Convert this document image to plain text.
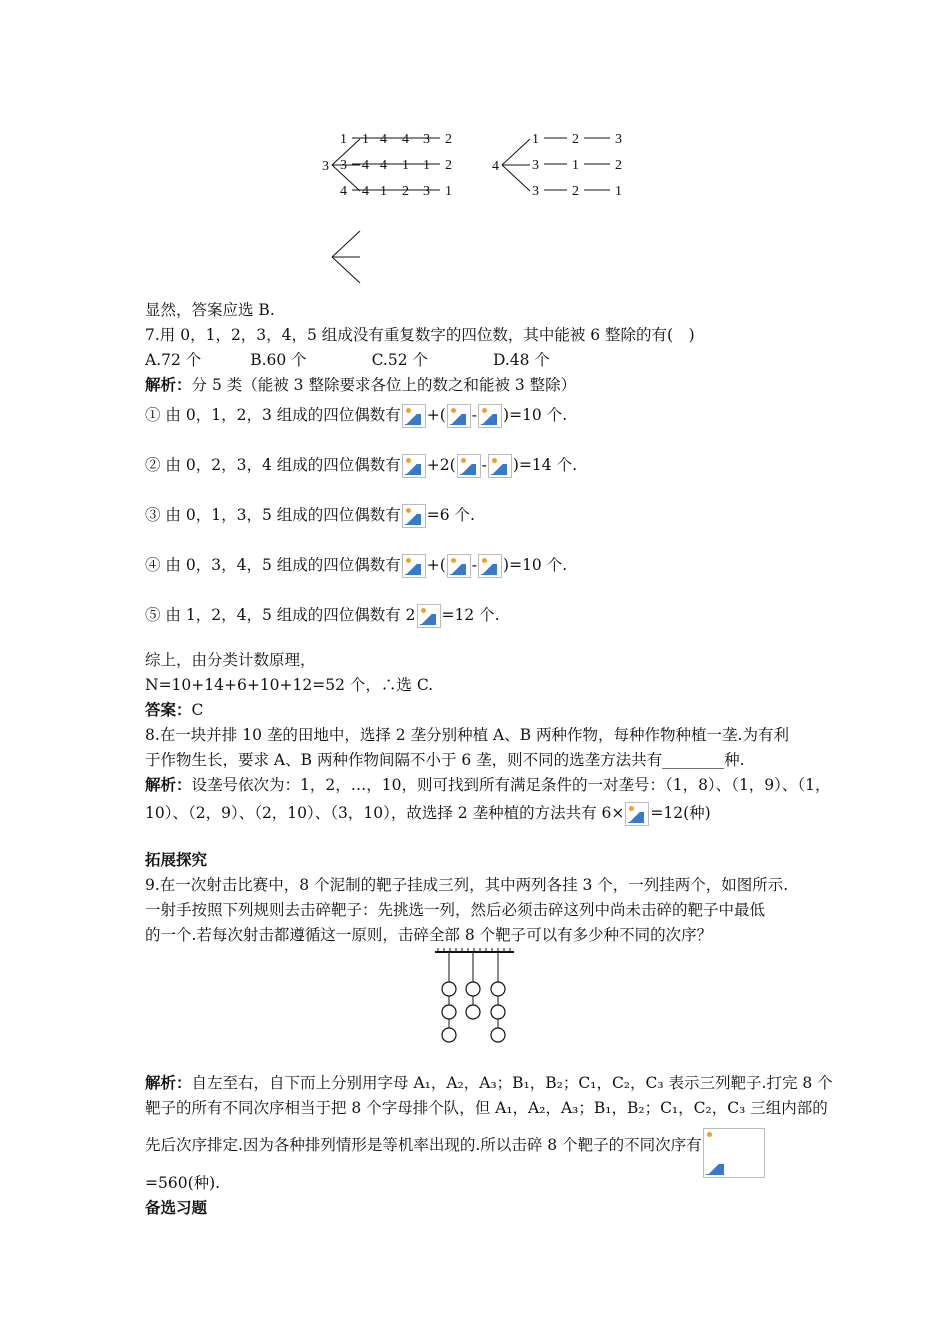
3
1 4	2
4 1	2
4 2	1
4
1 2	3
3 1	2
3 2	1
1 4	3
3 4	1
4 1	3
显然，答案应选 B.
7.用 0，1，2，3，4，5 组成没有重复数字的四位数，其中能被 6 整除的有(　)
A.72 个	B.60 个	C.52 个	D.48 个
解析：分 5 类（能被 3 整除要求各位上的数之和能被 3 整除）
① 由 0，1，2，3 组成的四位偶数有 +( - )=10 个.
② 由 0，2，3，4 组成的四位偶数有 +2( - )=14 个.
③ 由 0，1，3，5 组成的四位偶数有 =6 个.
④ 由 0，3，4，5 组成的四位偶数有 +( - )=10 个.
⑤ 由 1，2，4，5 组成的四位偶数有 2 =12 个.
综上，由分类计数原理，
N=10+14+6+10+12=52 个，∴选 C.
答案：C
8.在一块并排 10 垄的田地中，选择 2 垄分别种植 A、B 两种作物，每种作物种植一垄.为有利
于作物生长，要求 A、B 两种作物间隔不小于 6 垄，则不同的选垄方法共有________种.
解析：设垄号依次为：1，2，…，10，则可找到所有满足条件的一对垄号：（1，8）、（1，9）、（1，
10）、（2，9）、（2，10）、（3，10），故选择 2 垄种植的方法共有 6× =12(种)
拓展探究
9.在一次射击比赛中，8 个泥制的靶子挂成三列，其中两列各挂 3 个，一列挂两个，如图所示.
一射手按照下列规则去击碎靶子：先挑选一列，然后必须击碎这列中尚未击碎的靶子中最低
的一个.若每次射击都遵循这一原则，击碎全部 8 个靶子可以有多少种不同的次序？
解析：自左至右，自下而上分别用字母 A₁，A₂，A₃；B₁，B₂；C₁，C₂，C₃ 表示三列靶子.打完 8 个
靶子的所有不同次序相当于把 8 个字母排个队，但 A₁，A₂，A₃；B₁，B₂；C₁，C₂，C₃ 三组内部的
先后次序排定.因为各种排列情形是等机率出现的.所以击碎 8 个靶子的不同次序有
=560(种).
备选习题
